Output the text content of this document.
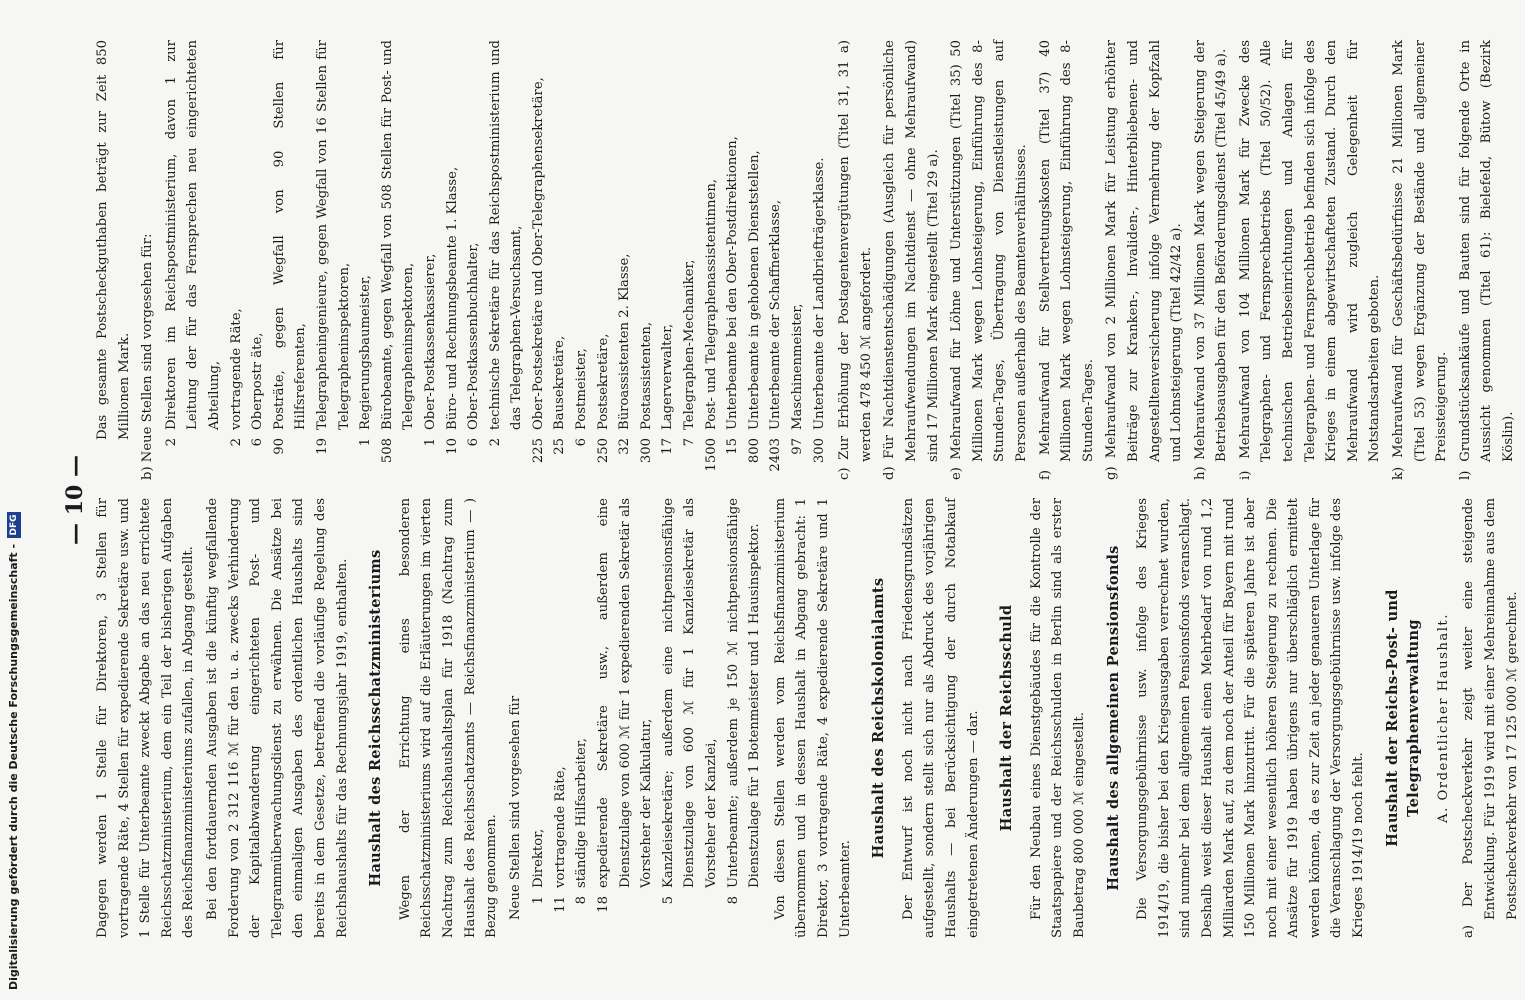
— 10 — Dagegen werden 1 Stelle für Direktoren, 3 Stellen für vortragende Räte, 4 Stellen für expedierende Sekretäre usw. und 1 Stelle für Unterbeamte zweckt Abgabe an das neu errichtete Reichsschatzministerium, dem ein Teil der bisherigen Aufgaben des Reichsfinanzministeriums zufallen, in Abgang gestellt. Bei den fortdauernden Ausgaben ist die künftig wegfallende Forderung von 2 312 116 ℳ für den u. a. zwecks Verhinderung der Kapitalabwanderung eingerichteten Post- und Telegrammüberwachungsdienst zu erwähnen. Die Ansätze bei den einmaligen Ausgaben des ordentlichen Haushalts sind bereits in dem Gesetze, betreffend die vorläufige Regelung des Reichshaushalts für das Rechnungsjahr 1919, enthalten. Haushalt des Reichsschatzministeriums Wegen der Errichtung eines besonderen Reichsschatzministeriums wird auf die Erläuterungen im vierten Nachtrag zum Reichshaushaltsplan für 1918 (Nachtrag zum Haushalt des Reichsschatzamts — Reichsfinanzministerium — ) Bezug genommen. Neue Stellen sind vorgesehen für 1
Direktor,
11
vortragende Räte,
8
ständige Hilfsarbeiter,
18
expedierende Sekretäre usw., außerdem eine Dienstzulage von 600 ℳ für 1 expedierenden Sekretär als Vorsteher der Kalkulatur,
5
Kanzleisekretäre; außerdem eine nichtpensionsfähige Dienstzulage von 600 ℳ für 1 Kanzleisekretär als Vorsteher der Kanzlei,
8
Unterbeamte; außerdem je 150 ℳ nichtpensionsfähige Dienstzulage für 1 Botenmeister und 1 Hausinspektor. Von diesen Stellen werden vom Reichsfinanzministerium übernommen und in dessen Haushalt in Abgang gebracht: 1 Direktor, 3 vortragende Räte, 4 expedierende Sekretäre und 1 Unterbeamter.

Haushalt des Reichskolonialamts Der Entwurf ist noch nicht nach Friedensgrundsätzen aufgestellt, sondern stellt sich nur als Abdruck des vorjährigen Haushalts — bei Berücksichtigung der durch Notabkauf eingetretenen Änderungen — dar. Haushalt der Reichsschuld Für den Neubau eines Dienstgebäudes für die Kontrolle der Staatspapiere und der Reichsschulden in Berlin sind als erster Baubetrag 800 000 ℳ eingestellt. Haushalt des allgemeinen Pensionsfonds Die Versorgungsgebührnisse usw. infolge des Krieges 1914/19, die bisher bei den Kriegsausgaben verrechnet wurden, sind nunmehr bei dem allgemeinen Pensionsfonds veranschlagt. Deshalb weist dieser Haushalt einen Mehrbedarf von rund 1,2 Milliarden Mark auf, zu dem noch der Anteil für Bayern mit rund 150 Millionen Mark hinzutritt. Für die späteren Jahre ist aber noch mit einer wesentlich höheren Steigerung zu rechnen. Die Ansätze für 1919 haben übrigens nur überschläglich ermittelt werden können, da es zur Zeit an jeder genaueren Unterlage für die Veranschlagung der Versorgungsgebührnisse usw. infolge des Krieges 1914/19 noch fehlt. Haushalt der Reichs-Post- und Telegraphenverwaltung A. Ordentlicher Haushalt. a) Der Postscheckverkehr zeigt weiter eine steigende Entwicklung. Für 1919 wird mit einer Mehreinnahme aus dem Postscheckverkehr von 17 125 000 ℳ gerechnet.

Das gesamte Postscheckguthaben beträgt zur Zeit 850 Millionen Mark. b) Neue Stellen sind vorgesehen für: 2
Direktoren im Reichspostministerium, davon 1 zur Leitung der für das Fernsprechen neu eingerichteten Abteilung,
2
vortragende Räte,
6
Oberpostr äte,
90
Posträte, gegen Wegfall von 90 Stellen für Hilfsreferenten,
19
Telegrapheningenieure, gegen Wegfall von 16 Stellen für Telegrapheninspektoren,
1
Regierungsbaumeister,
508
Bürobeamte, gegen Wegfall von 508 Stellen für Post- und Telegrapheninspektoren,
1
Ober-Postkassenkassierer,
10
Büro- und Rechnungsbeamte 1. Klasse,
6
Ober-Postkassenbuchhalter,
2
technische Sekretäre für das Reichspostministerium und das Telegraphen-Versuchsamt,
225
Ober-Postsekretäre und Ober-Telegraphensekretäre,
25
Bausekretäre,
6
Postmeister,
250
Postsekretäre,
32
Büroassistenten 2. Klasse,
300
Postassistenten,
17
Lagerverwalter,
7
Telegraphen-Mechaniker,
1500
Post- und Telegraphenassistentinnen,
15
Unterbeamte bei den Ober-Postdirektionen,
800
Unterbeamte in gehobenen Dienststellen,
2403
Unterbeamte der Schaffnerklasse,
97
Maschinenmeister,
300
Unterbeamte der Landbriefträgerklasse. c) Zur Erhöhung der Postagentenvergütungen (Titel 31, 31 a) werden 478 450 ℳ angefordert. d) Für Nachtdienstentschädigungen (Ausgleich für persönliche Mehraufwendungen im Nachtdienst — ohne Mehraufwand) sind 17 Millionen Mark eingestellt (Titel 29 a). e) Mehraufwand für Löhne und Unterstützungen (Titel 35) 50 Millionen Mark wegen Lohnsteigerung, Einführung des 8-Stunden-Tages, Übertragung von Dienstleistungen auf Personen außerhalb des Beamtenverhältnisses. f) Mehraufwand für Stellvertretungskosten (Titel 37) 40 Millionen Mark wegen Lohnsteigerung, Einführung des 8-Stunden-Tages. g) Mehraufwand von 2 Millionen Mark für Leistung erhöhter Beiträge zur Kranken-, Invaliden-, Hinterbliebenen- und Angestelltenversicherung infolge Vermehrung der Kopfzahl und Lohnsteigerung (Titel 42/42 a). h) Mehraufwand von 37 Millionen Mark wegen Steigerung der Betriebsausgaben für den Beförderungsdienst (Titel 45/49 a). i) Mehraufwand von 104 Millionen Mark für Zwecke des Telegraphen- und Fernsprechbetriebs (Titel 50/52). Alle technischen Betriebseinrichtungen und Anlagen für Telegraphen- und Fernsprechbetrieb befinden sich infolge des Krieges in einem abgewirtschafteten Zustand. Durch den Mehraufwand wird zugleich Gelegenheit für Notstandsarbeiten geboten. k) Mehraufwand für Geschäftsbedürfnisse 21 Millionen Mark (Titel 53) wegen Ergänzung der Bestände und allgemeiner Preissteigerung. l) Grundstücksankäufe und Bauten sind für folgende Orte in Aussicht genommen (Titel 61): Bielefeld, Bütow (Bezirk Köslin).

Digitalisierung gefördert durch die Deutsche Forschungsgemeinschaft -DFG
